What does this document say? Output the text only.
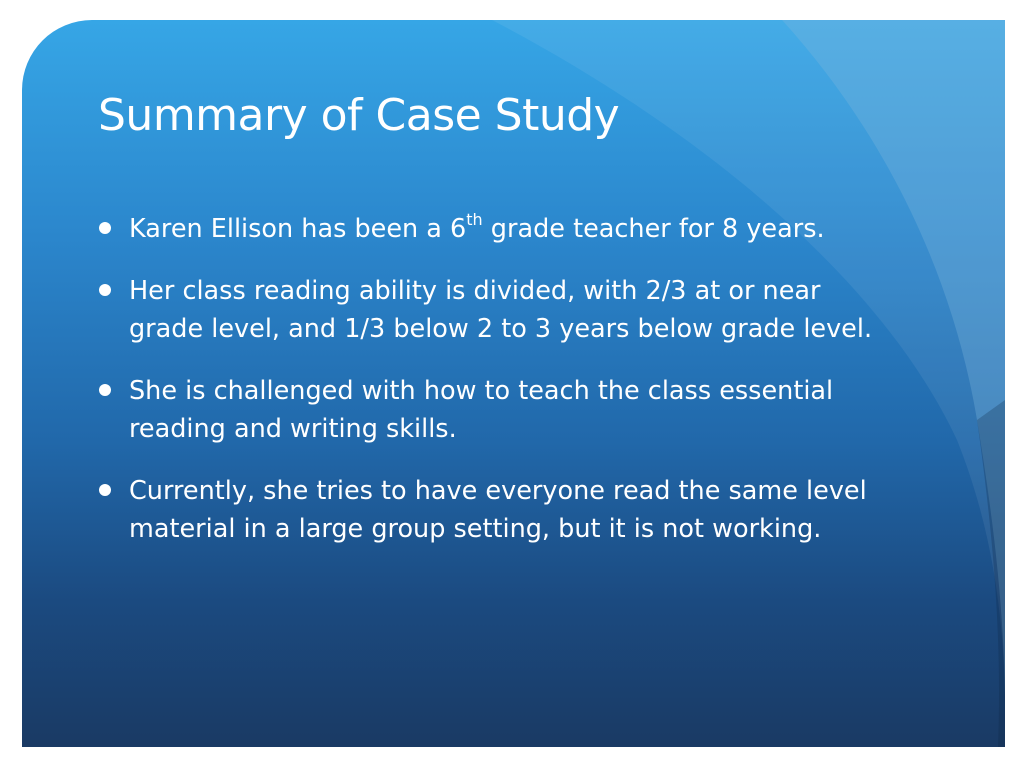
Summary of Case Study
Karen Ellison has been a 6th grade teacher for 8 years.
Her class reading ability is divided, with 2/3 at or near grade level, and 1/3 below 2 to 3 years below grade level.
She is challenged with how to teach the class essential reading and writing skills.
Currently, she tries to have everyone read the same level material in a large group setting, but it is not working.
